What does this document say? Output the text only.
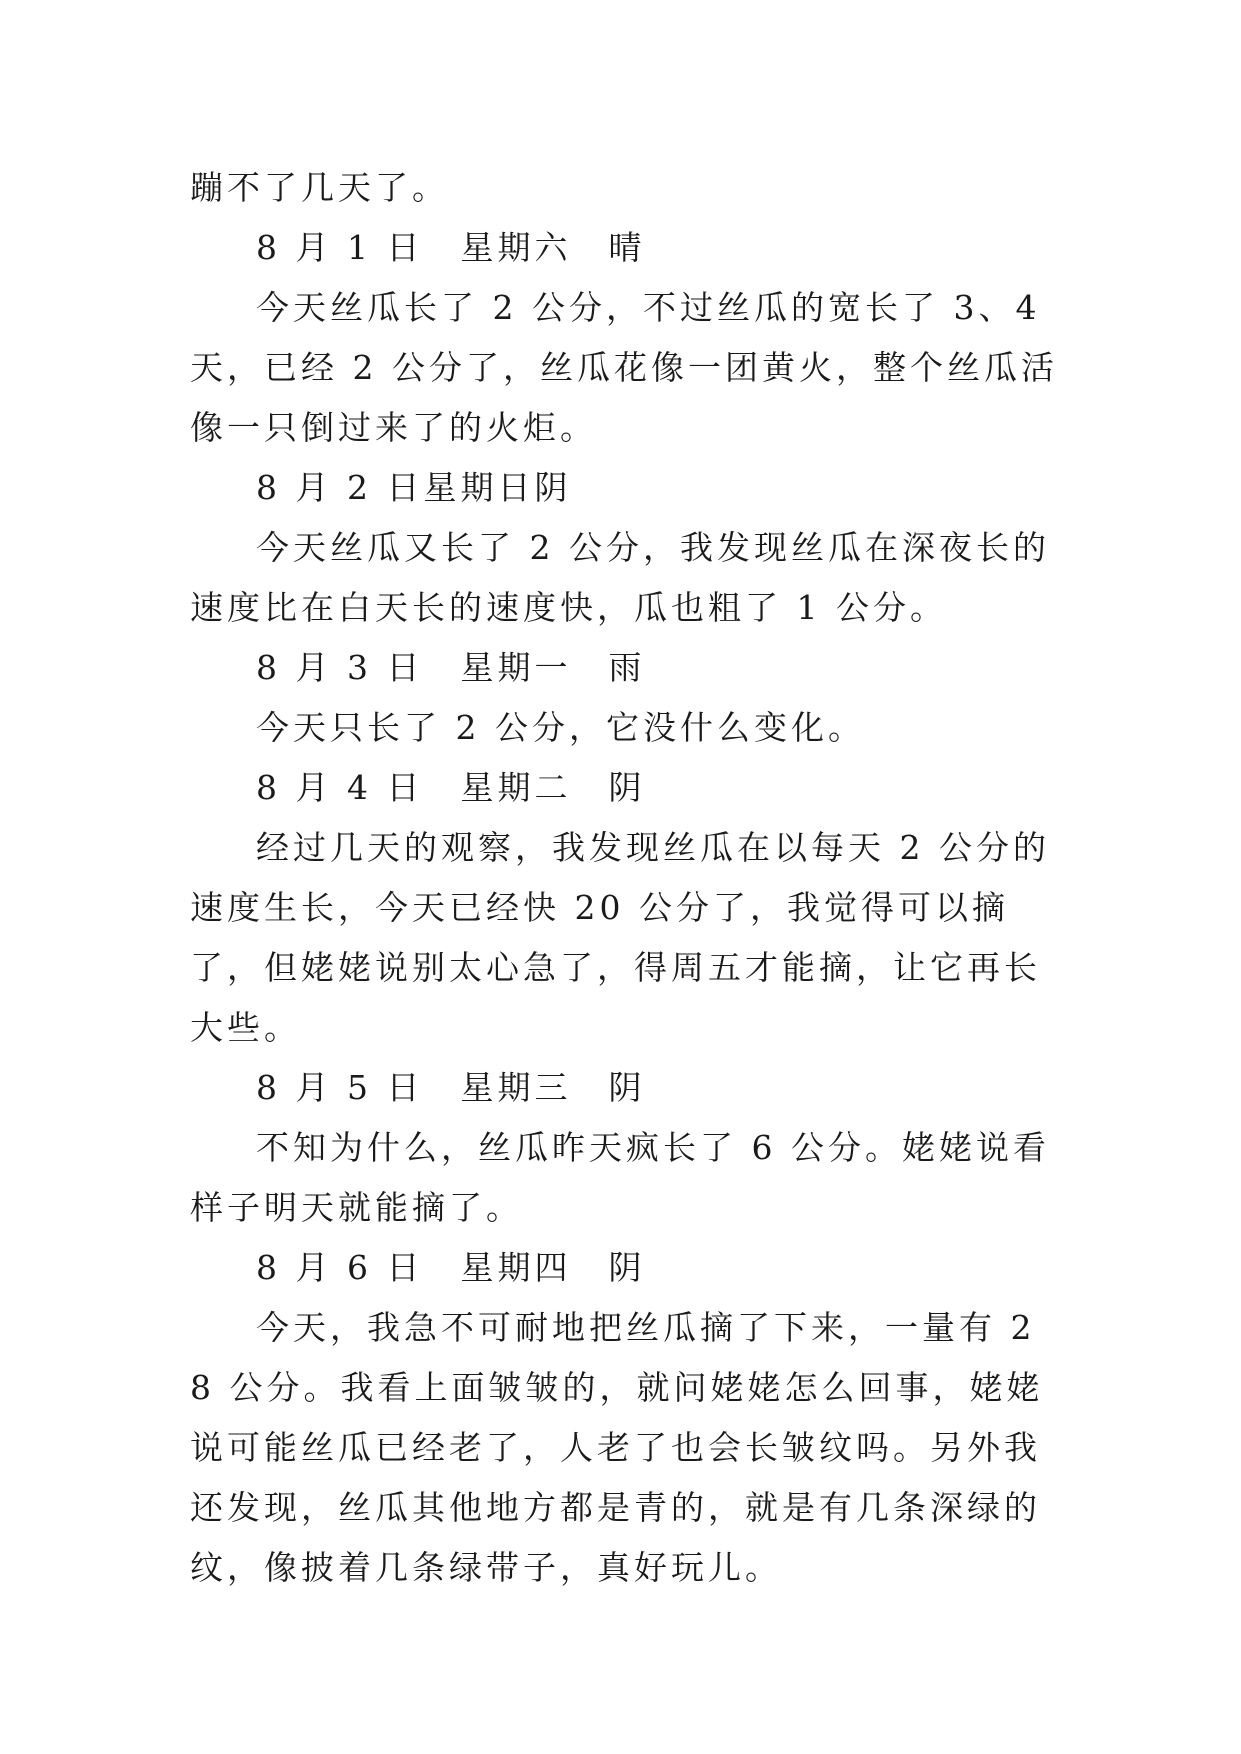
蹦不了几天了。

8 月 1 日　星期六　晴

今天丝瓜长了 2 公分，不过丝瓜的宽长了 3、4 天，已经 2 公分了，丝瓜花像一团黄火，整个丝瓜活像一只倒过来了的火炬。

8 月 2 日星期日阴

今天丝瓜又长了 2 公分，我发现丝瓜在深夜长的速度比在白天长的速度快，瓜也粗了 1 公分。

8 月 3 日　星期一　雨

今天只长了 2 公分，它没什么变化。

8 月 4 日　星期二　阴

经过几天的观察，我发现丝瓜在以每天 2 公分的速度生长，今天已经快 20 公分了，我觉得可以摘了，但姥姥说别太心急了，得周五才能摘，让它再长大些。

8 月 5 日　星期三　阴

不知为什么，丝瓜昨天疯长了 6 公分。姥姥说看样子明天就能摘了。

8 月 6 日　星期四　阴

今天，我急不可耐地把丝瓜摘了下来，一量有 28 公分。我看上面皱皱的，就问姥姥怎么回事，姥姥说可能丝瓜已经老了，人老了也会长皱纹吗。另外我还发现，丝瓜其他地方都是青的，就是有几条深绿的纹，像披着几条绿带子，真好玩儿。
